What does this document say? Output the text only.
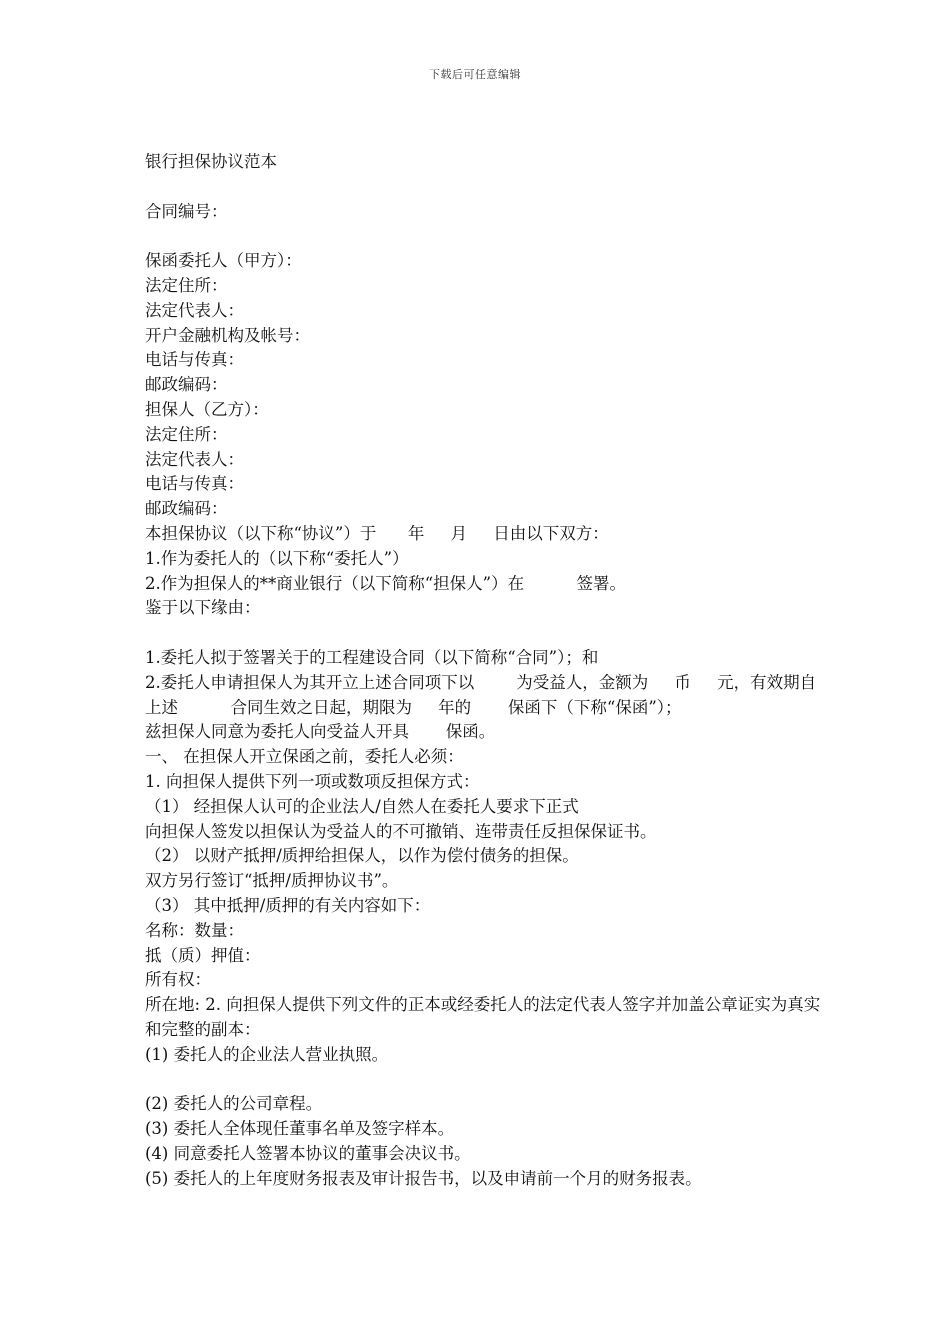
下载后可任意编辑

银行担保协议范本

合同编号：

保函委托人（甲方）：

法定住所：

法定代表人：

开户金融机构及帐号：

电话与传真：

邮政编码：

担保人（乙方）：

法定住所：

法定代表人：

电话与传真：

邮政编码：

本担保协议（以下称“协议”）于      年     月     日由以下双方：

1.作为委托人的（以下称“委托人”）

2.作为担保人的**商业银行（以下简称“担保人”）在          签署。

鉴于以下缘由：

1.委托人拟于签署关于的工程建设合同（以下简称“合同”）；和

2.委托人申请担保人为其开立上述合同项下以        为受益人，金额为     币     元，有效期自上述          合同生效之日起，期限为     年的       保函下（下称“保函”）；

兹担保人同意为委托人向受益人开具       保函。

一、 在担保人开立保函之前，委托人必须：

1. 向担保人提供下列一项或数项反担保方式：

（1） 经担保人认可的企业法人/自然人在委托人要求下正式

向担保人签发以担保认为受益人的不可撤销、连带责任反担保保证书。

（2） 以财产抵押/质押给担保人，以作为偿付债务的担保。

双方另行签订“抵押/质押协议书”。

（3） 其中抵押/质押的有关内容如下：

名称：数量：

抵（质）押值：

所有权：

所在地: 2. 向担保人提供下列文件的正本或经委托人的法定代表人签字并加盖公章证实为真实和完整的副本：

(1) 委托人的企业法人营业执照。

(2) 委托人的公司章程。

(3) 委托人全体现任董事名单及签字样本。

(4) 同意委托人签署本协议的董事会决议书。

(5) 委托人的上年度财务报表及审计报告书，以及申请前一个月的财务报表。
